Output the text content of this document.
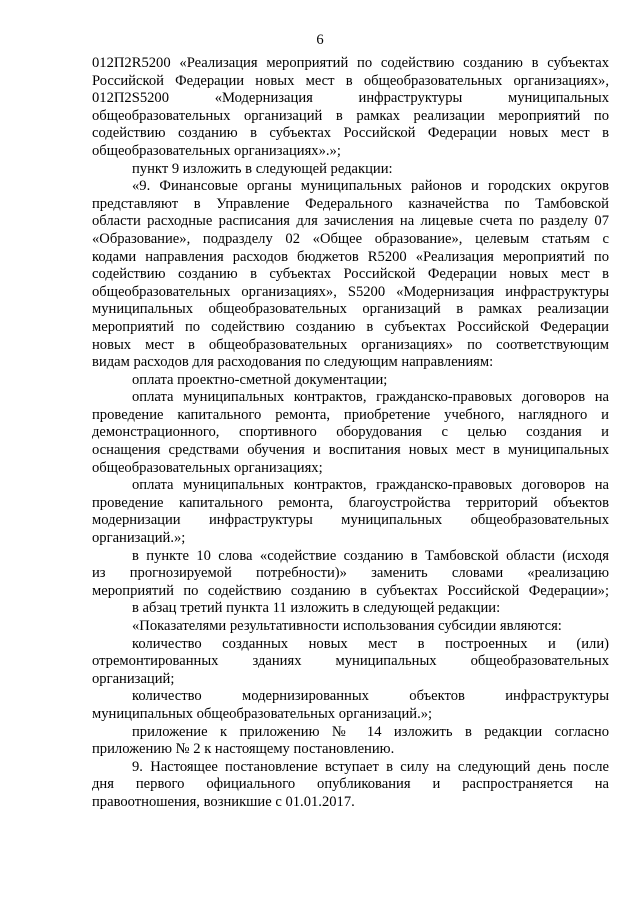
6
012П2R5200 «Реализация мероприятий по содействию созданию в субъектах
Российской Федерации новых мест в общеобразовательных организациях»,
012П2S5200 «Модернизация инфраструктуры муниципальных
общеобразовательных организаций в рамках реализации мероприятий по
содействию созданию в субъектах Российской Федерации новых мест в
общеобразовательных организациях».»;
пункт 9 изложить в следующей редакции:
«9. Финансовые органы муниципальных районов и городских округов
представляют в Управление Федерального казначейства по Тамбовской
области расходные расписания для зачисления на лицевые счета по разделу 07
«Образование», подразделу 02 «Общее образование», целевым статьям с
кодами направления расходов бюджетов R5200 «Реализация мероприятий по
содействию созданию в субъектах Российской Федерации новых мест в
общеобразовательных организациях», S5200 «Модернизация инфраструктуры
муниципальных общеобразовательных организаций в рамках реализации
мероприятий по содействию созданию в субъектах Российской Федерации
новых мест в общеобразовательных организациях» по соответствующим
видам расходов для расходования по следующим направлениям:
оплата проектно-сметной документации;
оплата муниципальных контрактов, гражданско-правовых договоров на
проведение капитального ремонта, приобретение учебного, наглядного и
демонстрационного, спортивного оборудования с целью создания и
оснащения средствами обучения и воспитания новых мест в муниципальных
общеобразовательных организациях;
оплата муниципальных контрактов, гражданско-правовых договоров на
проведение капитального ремонта, благоустройства территорий объектов
модернизации инфраструктуры муниципальных общеобразовательных
организаций.»;
в пункте 10 слова «содействие созданию в Тамбовской области (исходя
из прогнозируемой потребности)» заменить словами «реализацию
мероприятий по содействию созданию в субъектах Российской Федерации»;
в абзац третий пункта 11 изложить в следующей редакции:
«Показателями результативности использования субсидии являются:
количество созданных новых мест в построенных и (или)
отремонтированных зданиях муниципальных общеобразовательных
организаций;
количество модернизированных объектов инфраструктуры
муниципальных общеобразовательных организаций.»;
приложение к приложению № 14 изложить в редакции согласно
приложению № 2 к настоящему постановлению.
9. Настоящее постановление вступает в силу на следующий день после
дня первого официального опубликования и распространяется на
правоотношения, возникшие с 01.01.2017.
